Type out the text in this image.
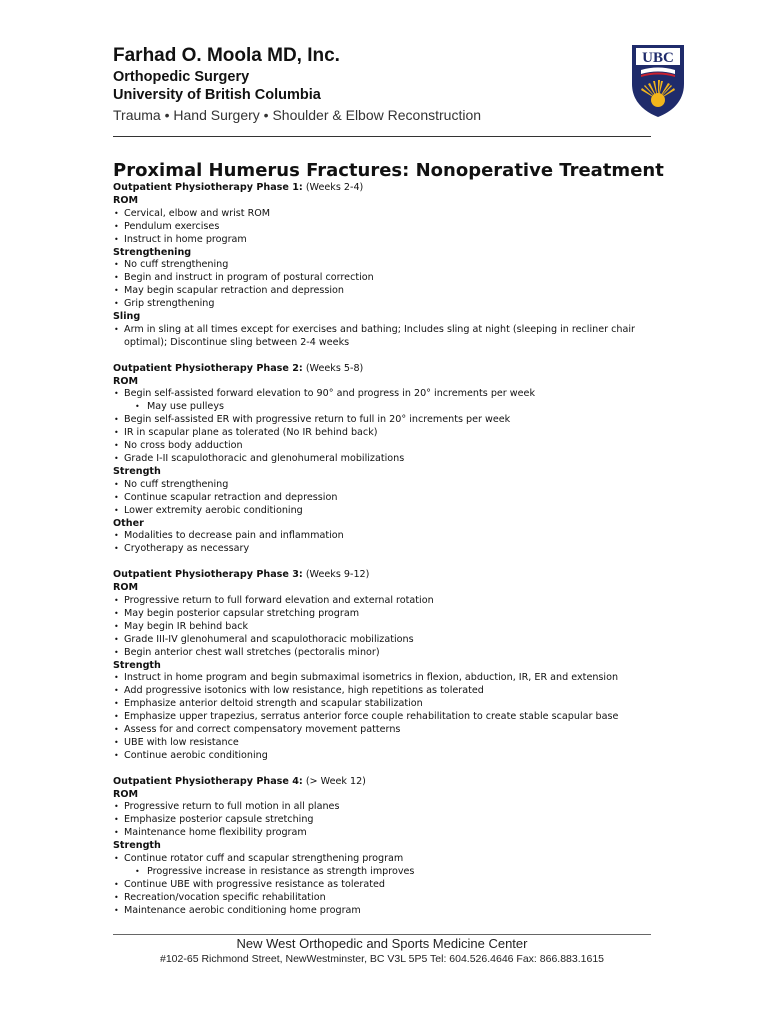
Farhad O. Moola MD, Inc.

Orthopedic Surgery

University of British Columbia

Trauma • Hand Surgery • Shoulder & Elbow Reconstruction

UBC
Proximal Humerus Fractures: Nonoperative Treatment

Outpatient Physiotherapy Phase 1: (Weeks 2-4)

ROM

• Cervical, elbow and wrist ROM
• Pendulum exercises
• Instruct in home program

Strengthening

• No cuff strengthening
• Begin and instruct in program of postural correction
• May begin scapular retraction and depression
• Grip strengthening

Sling

• Arm in sling at all times except for exercises and bathing; Includes sling at night (sleeping in recliner chair optimal); Discontinue sling between 2-4 weeks

Outpatient Physiotherapy Phase 2: (Weeks 5-8)

ROM

• Begin self-assisted forward elevation to 90° and progress in 20° increments per week
• May use pulleys
• Begin self-assisted ER with progressive return to full in 20° increments per week
• IR in scapular plane as tolerated (No IR behind back)
• No cross body adduction
• Grade I-II scapulothoracic and glenohumeral mobilizations

Strength

• No cuff strengthening
• Continue scapular retraction and depression
• Lower extremity aerobic conditioning

Other

• Modalities to decrease pain and inflammation
• Cryotherapy as necessary

Outpatient Physiotherapy Phase 3: (Weeks 9-12)

ROM

• Progressive return to full forward elevation and external rotation
• May begin posterior capsular stretching program
• May begin IR behind back
• Grade III-IV glenohumeral and scapulothoracic mobilizations
• Begin anterior chest wall stretches (pectoralis minor)

Strength

• Instruct in home program and begin submaximal isometrics in flexion, abduction, IR, ER and extension
• Add progressive isotonics with low resistance, high repetitions as tolerated
• Emphasize anterior deltoid strength and scapular stabilization
• Emphasize upper trapezius, serratus anterior force couple rehabilitation to create stable scapular base
• Assess for and correct compensatory movement patterns
• UBE with low resistance
• Continue aerobic conditioning

Outpatient Physiotherapy Phase 4: (> Week 12)

ROM

• Progressive return to full motion in all planes
• Emphasize posterior capsule stretching
• Maintenance home flexibility program

Strength

• Continue rotator cuff and scapular strengthening program
• Progressive increase in resistance as strength improves
• Continue UBE with progressive resistance as tolerated
• Recreation/vocation specific rehabilitation
• Maintenance aerobic conditioning home program

New West Orthopedic and Sports Medicine Center

#102-65 Richmond Street, NewWestminster, BC V3L 5P5 Tel: 604.526.4646 Fax: 866.883.1615
